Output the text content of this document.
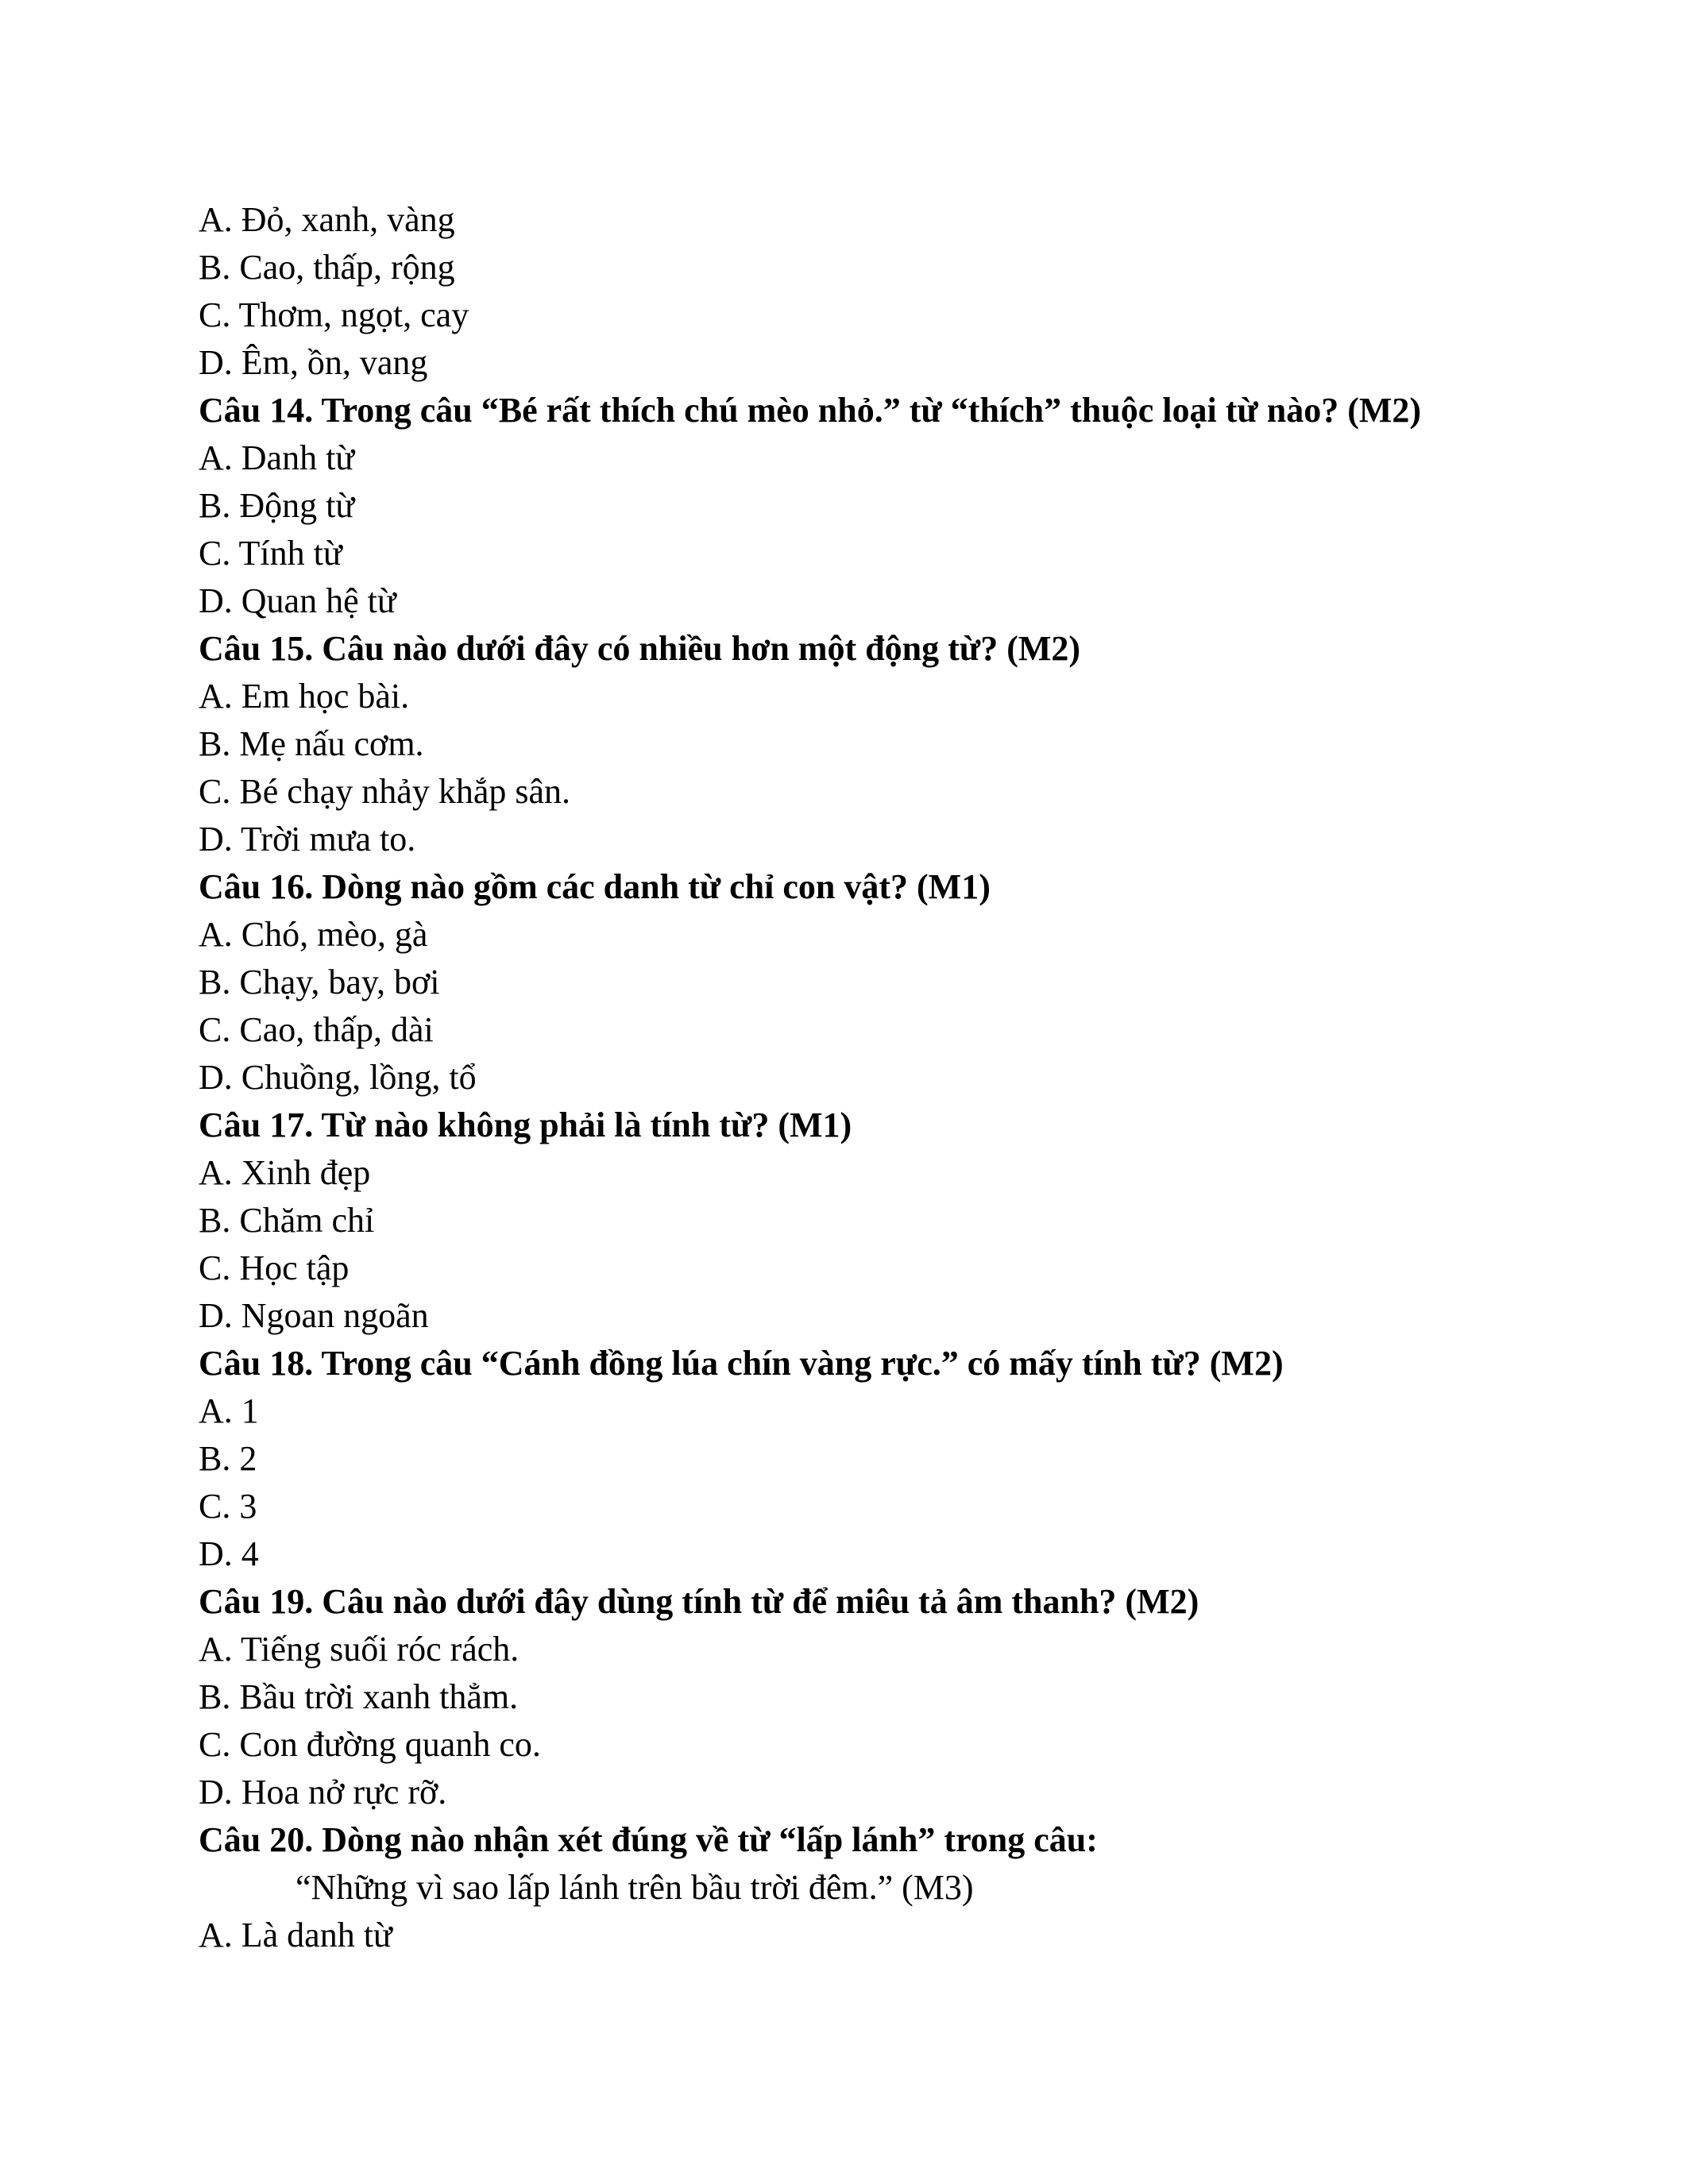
A. Đỏ, xanh, vàng

B. Cao, thấp, rộng

C. Thơm, ngọt, cay

D. Êm, ồn, vang

Câu 14. Trong câu “Bé rất thích chú mèo nhỏ.” từ “thích” thuộc loại từ nào? (M2)

A. Danh từ

B. Động từ

C. Tính từ

D. Quan hệ từ

Câu 15. Câu nào dưới đây có nhiều hơn một động từ? (M2)

A. Em học bài.

B. Mẹ nấu cơm.

C. Bé chạy nhảy khắp sân.

D. Trời mưa to.

Câu 16. Dòng nào gồm các danh từ chỉ con vật? (M1)

A. Chó, mèo, gà

B. Chạy, bay, bơi

C. Cao, thấp, dài

D. Chuồng, lồng, tổ

Câu 17. Từ nào không phải là tính từ? (M1)

A. Xinh đẹp

B. Chăm chỉ

C. Học tập

D. Ngoan ngoãn

Câu 18. Trong câu “Cánh đồng lúa chín vàng rực.” có mấy tính từ? (M2)

A. 1

B. 2

C. 3

D. 4

Câu 19. Câu nào dưới đây dùng tính từ để miêu tả âm thanh? (M2)

A. Tiếng suối róc rách.

B. Bầu trời xanh thẳm.

C. Con đường quanh co.

D. Hoa nở rực rỡ.

Câu 20. Dòng nào nhận xét đúng về từ “lấp lánh” trong câu:

“Những vì sao lấp lánh trên bầu trời đêm.” (M3)

A. Là danh từ
